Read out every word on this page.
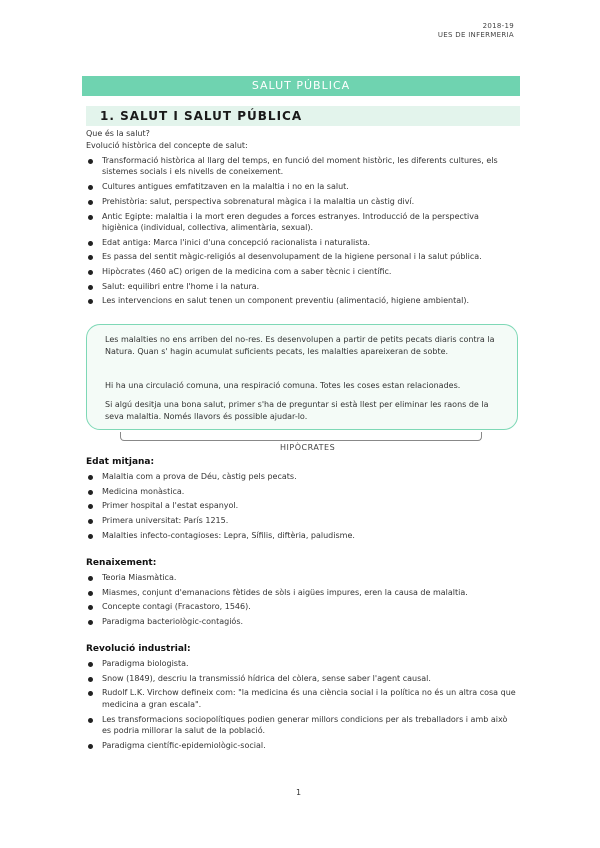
2018-19
UES DE INFERMERIA
SALUT PÚBLICA
1. SALUT I SALUT PÚBLICA
Que és la salut?
Evolució històrica del concepte de salut:
Transformació històrica al llarg del temps, en funció del moment històric, les diferents cultures, els sistemes socials i els nivells de coneixement.
Cultures antigues emfatitzaven en la malaltia i no en la salut.
Prehistòria: salut, perspectiva sobrenatural màgica i la malaltia un càstig diví.
Antic Egipte: malaltia i la mort eren degudes a forces estranyes. Introducció de la perspectiva higiènica (individual, collectiva, alimentària, sexual).
Edat antiga: Marca l'inici d'una concepció racionalista i naturalista.
Es passa del sentit màgic-religiós al desenvolupament de la higiene personal i la salut pública.
Hipòcrates (460 aC) origen de la medicina com a saber tècnic i científic.
Salut: equilibri entre l'home i la natura.
Les intervencions en salut tenen un component preventiu (alimentació, higiene ambiental).

Les malalties no ens arriben del no-res. Es desenvolupen a partir de petits pecats diaris contra la Natura. Quan s' hagin acumulat suficients pecats, les malalties apareixeran de sobte.

Hi ha una circulació comuna, una respiració comuna. Totes les coses estan relacionades.

Si algú desitja una bona salut, primer s'ha de preguntar si està llest per eliminar les raons de la seva malaltia. Només llavors és possible ajudar-lo.

HIPÒCRATES
Edat mitjana:
Malaltia com a prova de Déu, càstig pels pecats.
Medicina monàstica.
Primer hospital a l'estat espanyol.
Primera universitat: París 1215.
Malalties infecto-contagioses: Lepra, Sífilis, diftèria, paludisme.
Renaixement:
Teoria Miasmàtica.
Miasmes, conjunt d'emanacions fètides de sòls i aigües impures, eren la causa de malaltia.
Concepte contagi (Fracastoro, 1546).
Paradigma bacteriològic-contagiós.
Revolució industrial:
Paradigma biologista.
Snow (1849), descriu la transmissió hídrica del còlera, sense saber l'agent causal.
Rudolf L.K. Virchow defineix com: "la medicina és una ciència social i la política no és un altra cosa que medicina a gran escala".
Les transformacions sociopolítiques podien generar millors condicions per als treballadors i amb això es podria millorar la salut de la població.
Paradigma científic-epidemiològic-social.
1
